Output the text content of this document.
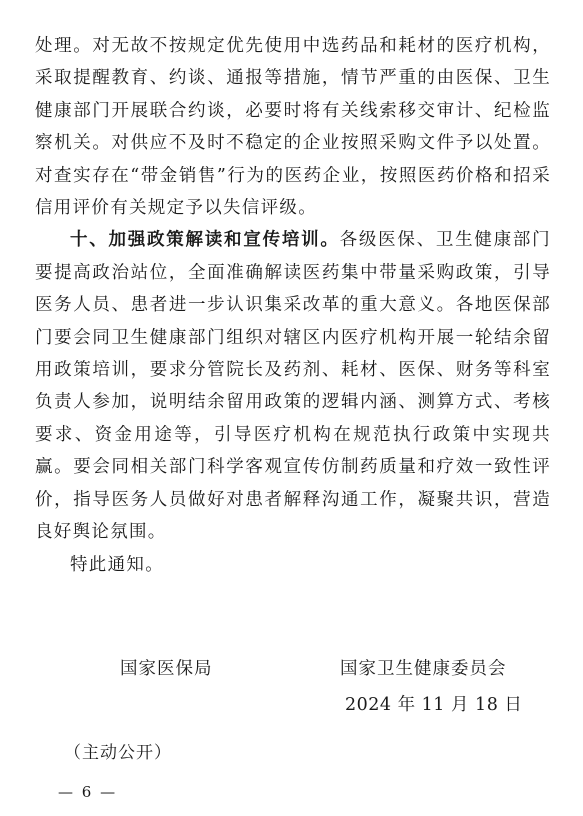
处理。对无故不按规定优先使用中选药品和耗材的医疗机构，采取提醒教育、约谈、通报等措施，情节严重的由医保、卫生健康部门开展联合约谈，必要时将有关线索移交审计、纪检监察机关。对供应不及时不稳定的企业按照采购文件予以处置。对查实存在“带金销售”行为的医药企业，按照医药价格和招采信用评价有关规定予以失信评级。

十、加强政策解读和宣传培训。各级医保、卫生健康部门要提高政治站位，全面准确解读医药集中带量采购政策，引导医务人员、患者进一步认识集采改革的重大意义。各地医保部门要会同卫生健康部门组织对辖区内医疗机构开展一轮结余留用政策培训，要求分管院长及药剂、耗材、医保、财务等科室负责人参加，说明结余留用政策的逻辑内涵、测算方式、考核要求、资金用途等，引导医疗机构在规范执行政策中实现共赢。要会同相关部门科学客观宣传仿制药质量和疗效一致性评价，指导医务人员做好对患者解释沟通工作，凝聚共识，营造良好舆论氛围。

特此通知。

国家医保局	国家卫生健康委员会
2024 年 11 月 18 日
（主动公开）
— 6 —
